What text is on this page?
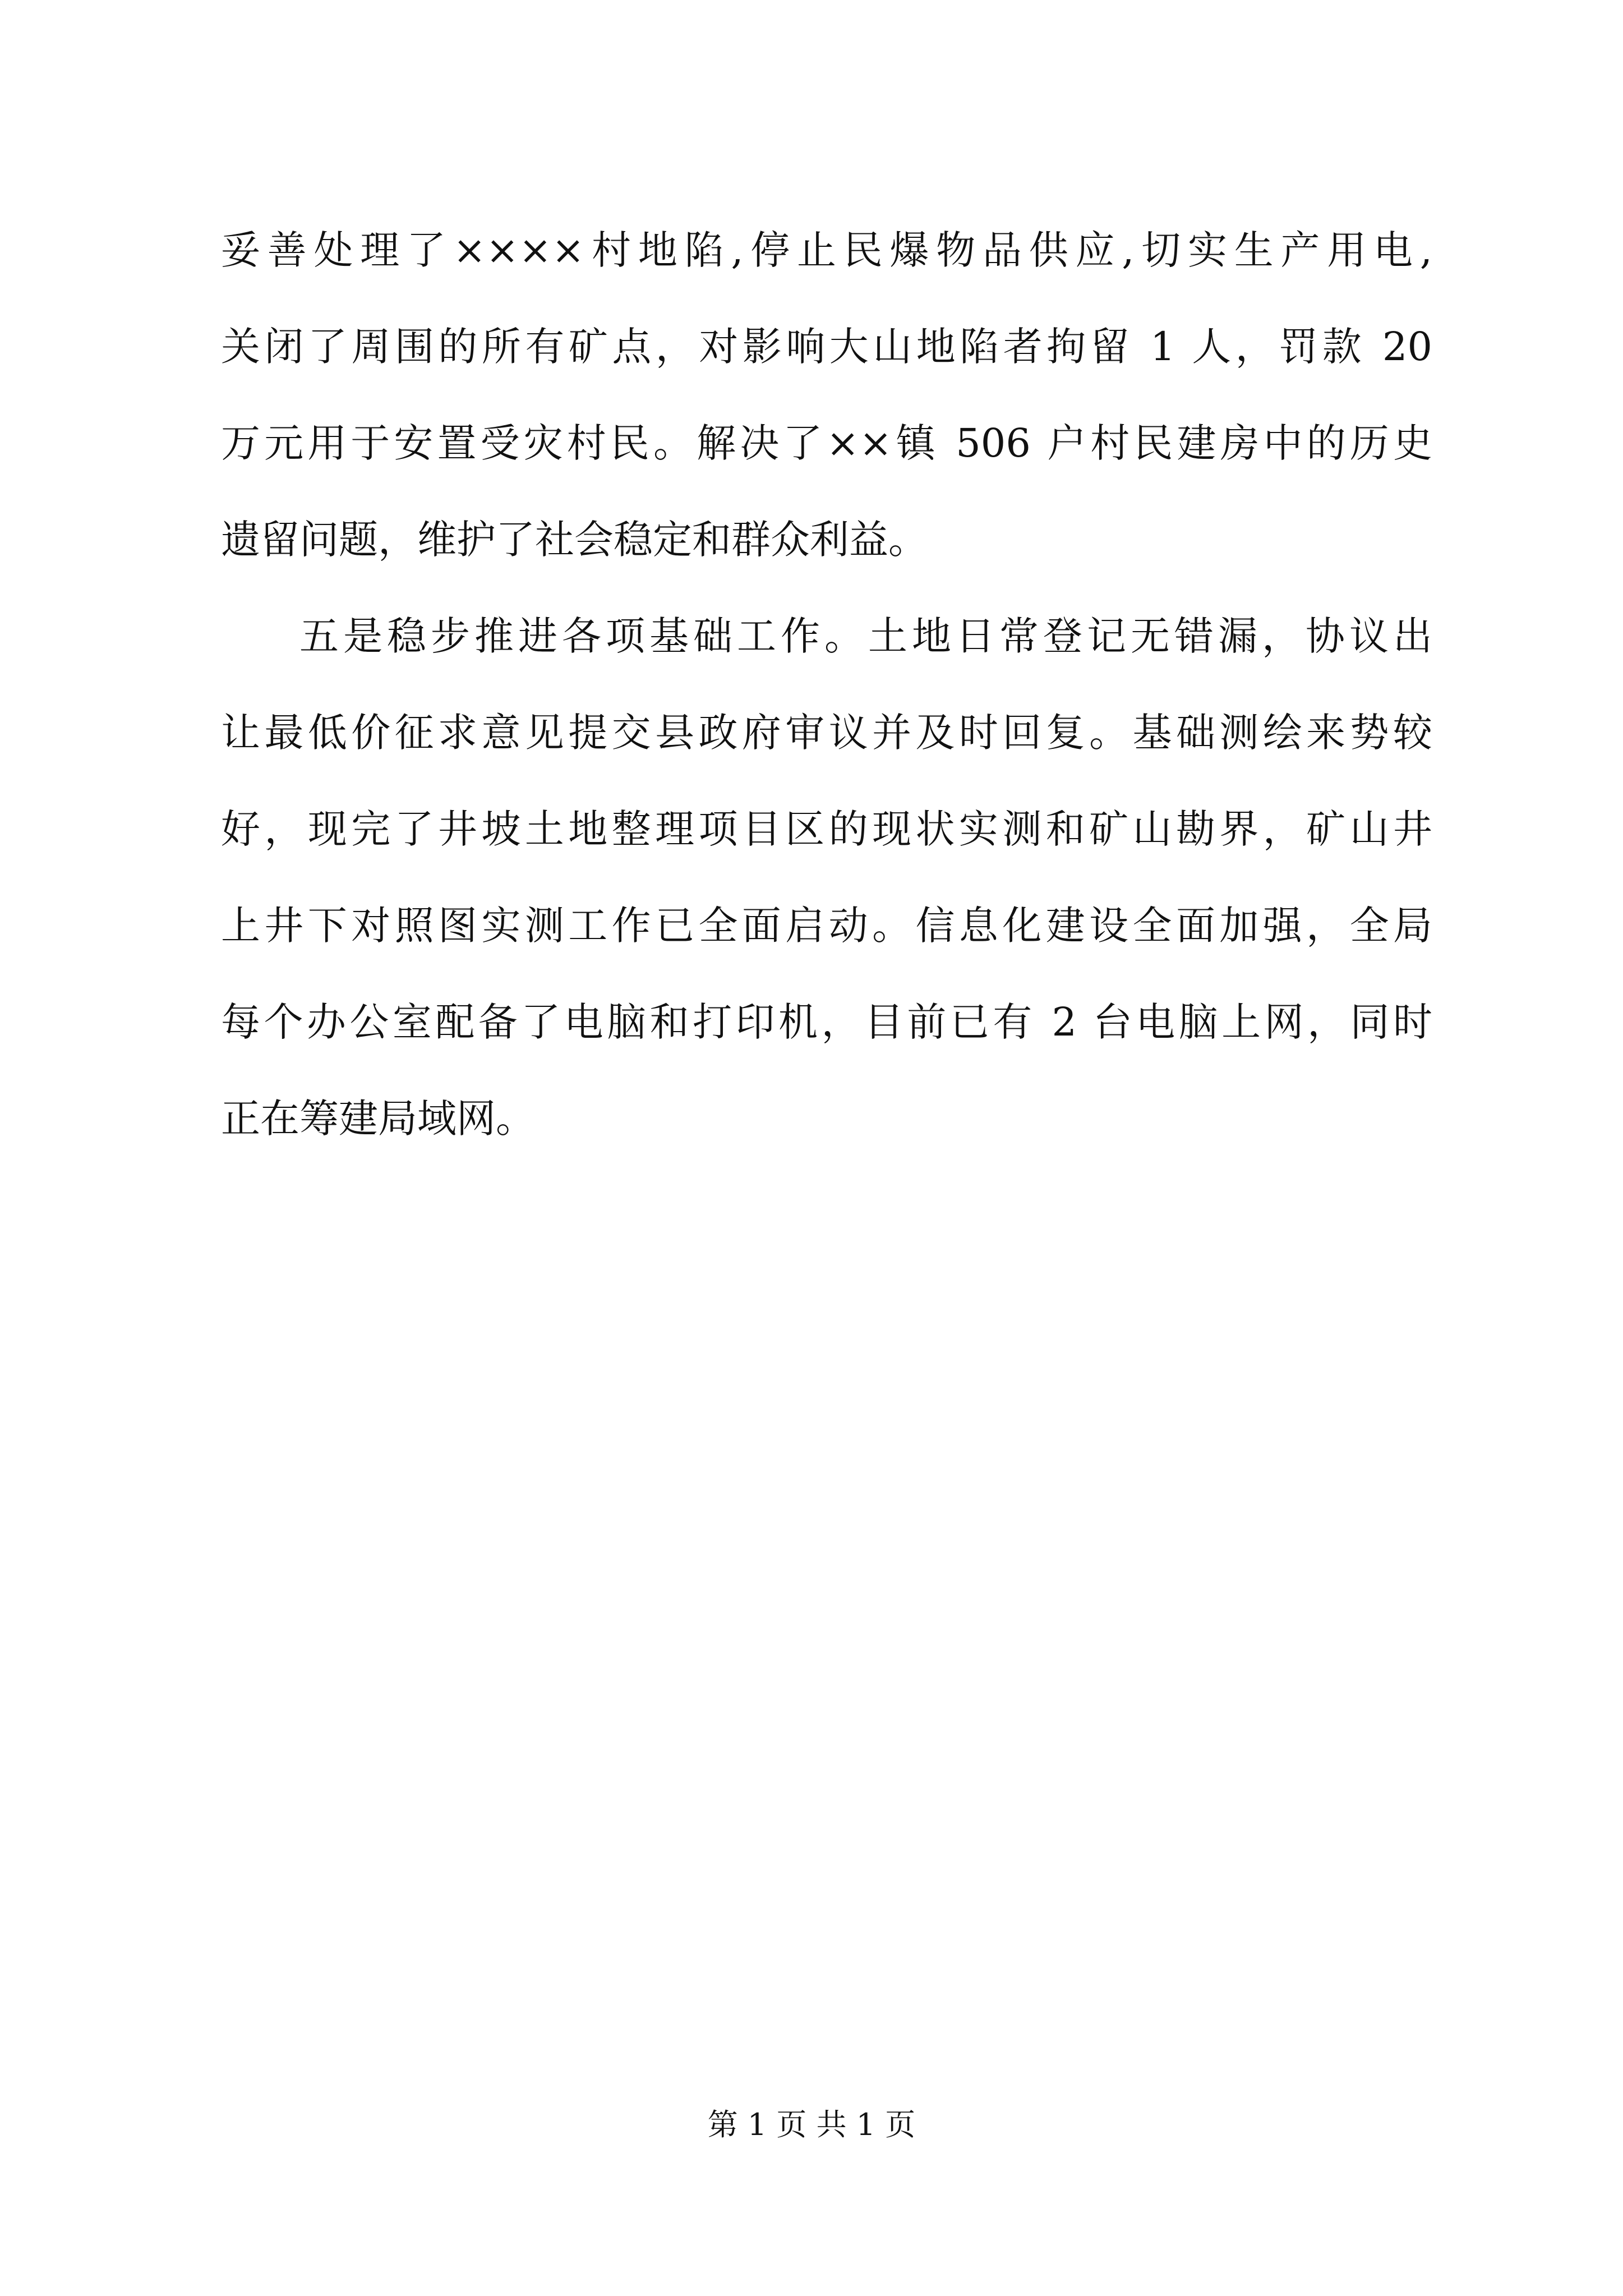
妥善处理了××××村地陷,停止民爆物品供应,切实生产用电,
关闭了周围的所有矿点，对影响大山地陷者拘留 1 人，罚款 20
万元用于安置受灾村民。解决了××镇 506 户村民建房中的历史
遗留问题，维护了社会稳定和群众利益。
五是稳步推进各项基础工作。土地日常登记无错漏，协议出
让最低价征求意见提交县政府审议并及时回复。基础测绘来势较
好，现完了井坡土地整理项目区的现状实测和矿山勘界，矿山井
上井下对照图实测工作已全面启动。信息化建设全面加强，全局
每个办公室配备了电脑和打印机，目前已有 2 台电脑上网，同时
正在筹建局域网。
第 1 页 共 1 页
